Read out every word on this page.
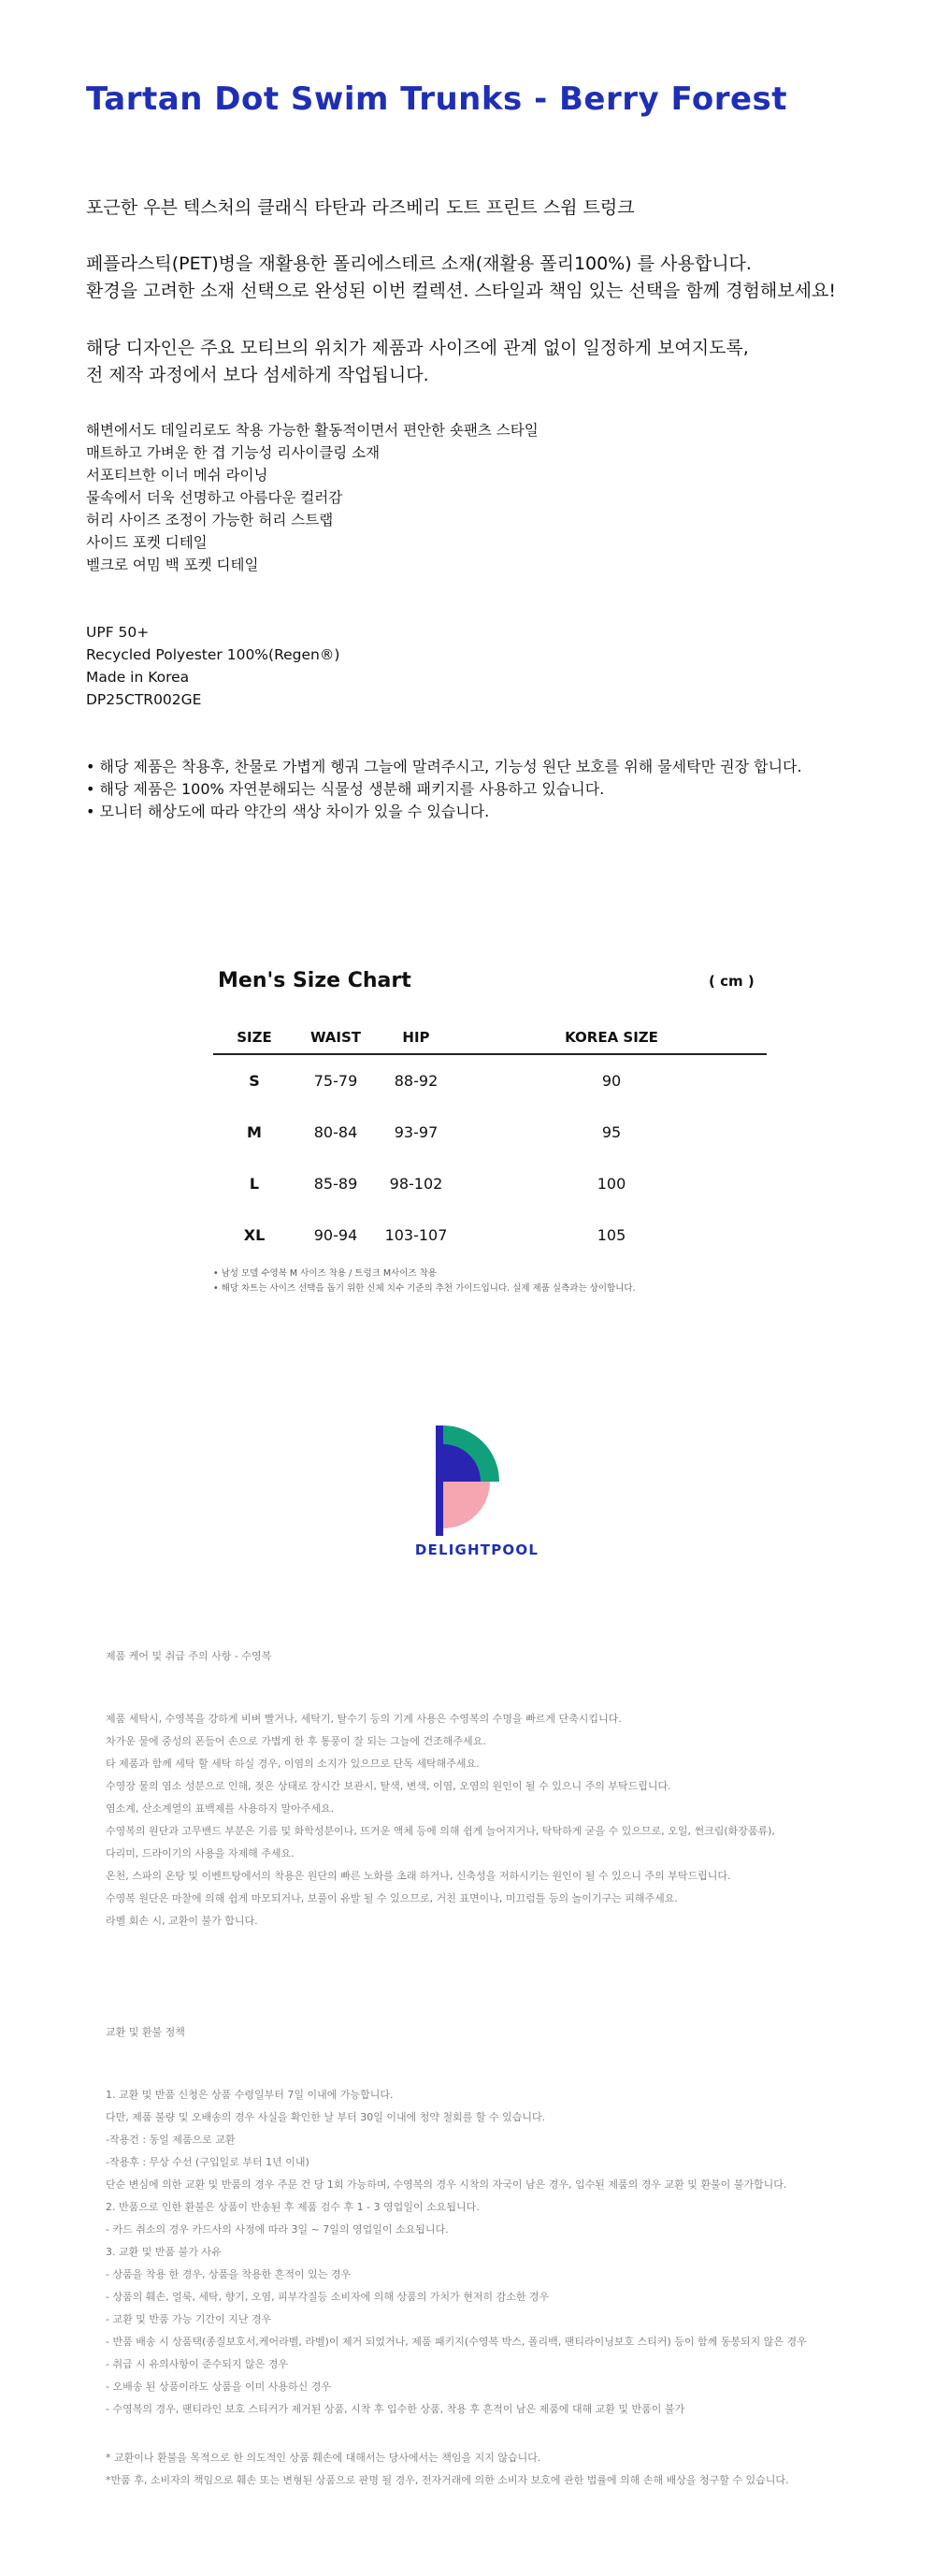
Tartan Dot Swim Trunks - Berry Forest

포근한 우븐 텍스처의 클래식 타탄과 라즈베리 도트 프린트 스윔 트렁크

페플라스틱(PET)병을 재활용한 폴리에스테르 소재(재활용 폴리100%) 를 사용합니다.

환경을 고려한 소재 선택으로 완성된 이번 컬렉션. 스타일과 책임 있는 선택을 함께 경험해보세요!

해당 디자인은 주요 모티브의 위치가 제품과 사이즈에 관계 없이 일정하게 보여지도록,

전 제작 과정에서 보다 섬세하게 작업됩니다.

해변에서도 데일리로도 착용 가능한 활동적이면서 편안한 숏팬츠 스타일

매트하고 가벼운 한 겹 기능성 리사이클링 소재

서포티브한 이너 메쉬 라이닝

물속에서 더욱 선명하고 아름다운 컬러감

허리 사이즈 조정이 가능한 허리 스트랩

사이드 포켓 디테일

벨크로 여밈 백 포켓 디테일

UPF 50+

Recycled Polyester 100%(Regen®)

Made in Korea

DP25CTR002GE

• 해당 제품은 착용후, 찬물로 가볍게 헹궈 그늘에 말려주시고, 기능성 원단 보호를 위해 물세탁만 권장 합니다.

• 해당 제품은 100% 자연분해되는 식물성 생분해 패키지를 사용하고 있습니다.

• 모니터 해상도에 따라 약간의 색상 차이가 있을 수 있습니다.

Men's Size Chart	( cm )
SIZE	WAIST	HIP	KOREA SIZE
S	75-79	88-92	90
M	80-84	93-97	95
L	85-89	98-102	100
XL	90-94	103-107	105
• 남성 모델 수영복 M 사이즈 착용 / 트렁크 M사이즈 착용
• 해당 차트는 사이즈 선택을 돕기 위한 신체 치수 기준의 추천 가이드입니다. 실제 제품 실측과는 상이합니다.
DELIGHTPOOL

제품 케어 및 취급 주의 사항 - 수영복

제품 세탁시, 수영복을 강하게 비벼 빨거나, 세탁기, 탈수기 등의 기계 사용은 수영복의 수명을 빠르게 단축시킵니다.

차가운 물에 중성의 폰들어 손으로 가볍게 한 후 통풍이 잘 되는 그늘에 건조해주세요.

타 제품과 함께 세탁 할 세탁 하실 경우, 이염의 소지가 있으므로 단독 세탁해주세요.

수영장 물의 염소 성분으로 인해, 젖은 상태로 장시간 보관시, 탈색, 변색, 이염, 오염의 원인이 될 수 있으니 주의 부탁드립니다.

염소계, 산소계열의 표백제를 사용하지 말아주세요.

수영복의 원단과 고무밴드 부분은 기름 및 화학성분이나, 뜨거운 액체 등에 의해 쉽게 늘어지거나, 탁탁하게 굳을 수 있으므로, 오일, 썬크림(화장품류),

다리미, 드라이기의 사용을 자제해 주세요.

온천, 스파의 온탕 및 이벤트탕에서의 착용은 원단의 빠른 노화를 초래 하거나, 신축성을 저하시키는 원인이 될 수 있으니 주의 부탁드립니다.

수영복 원단은 마찰에 의해 쉽게 마모되거나, 보풀이 유발 될 수 있으므로, 거친 표면이나, 미끄럼틀 등의 놀이기구는 피해주세요.

라벨 회손 시, 교환이 불가 합니다.

교환 및 환불 정책

1. 교환 및 반품 신청은 상품 수령일부터 7일 이내에 가능합니다.

다만, 제품 불량 및 오배송의 경우 사실을 확인한 날 부터 30일 이내에 청약 철회를 할 수 있습니다.

-작용건 : 동일 제품으로 교환

-작용후 : 무상 수선 (구입일로 부터 1년 이내)

단순 변심에 의한 교환 및 반품의 경우 주문 건 당 1회 가능하며, 수영복의 경우 시착의 자국이 남은 경우, 입수된 제품의 경우 교환 및 환불이 불가합니다.

2. 반품으로 인한 환불은 상품이 반송된 후 제품 검수 후 1 - 3 영업일이 소요됩니다.

- 카드 취소의 경우 카드사의 사정에 따라 3일 ~ 7일의 영업일이 소요됩니다.

3. 교환 및 반품 불가 사유

- 상품을 착용 한 경우, 상품을 착용한 흔적이 있는 경우

- 상품의 훼손, 얼룩, 세탁, 향기, 오염, 피부각질등 소비자에 의해 상품의 가치가 현저히 감소한 경우

- 교환 및 반품 가능 기간이 지난 경우

- 반품 배송 시 상품택(종질보호서,케어라벨, 라벨)이 제거 되었거나, 제품 패키지(수영복 박스, 폴리백, 팬티라이닝보호 스티커) 등이 함께 동봉되지 않은 경우

- 취급 시 유의사항이 준수되지 않은 경우

- 오배송 된 상품이라도 상품을 이미 사용하신 경우

- 수영복의 경우, 팬티라인 보호 스티커가 제거된 상품, 시착 후 입수한 상품, 착용 후 흔적이 남은 제품에 대해 교환 및 반품이 불가

* 교환이나 환불을 목적으로 한 의도적인 상품 훼손에 대해서는 당사에서는 책임을 지지 않습니다.

*반품 후, 소비자의 책임으로 훼손 또는 변형된 상품으로 판명 될 경우, 전자거래에 의한 소비자 보호에 관한 법률에 의해 손해 배상을 청구할 수 있습니다.
